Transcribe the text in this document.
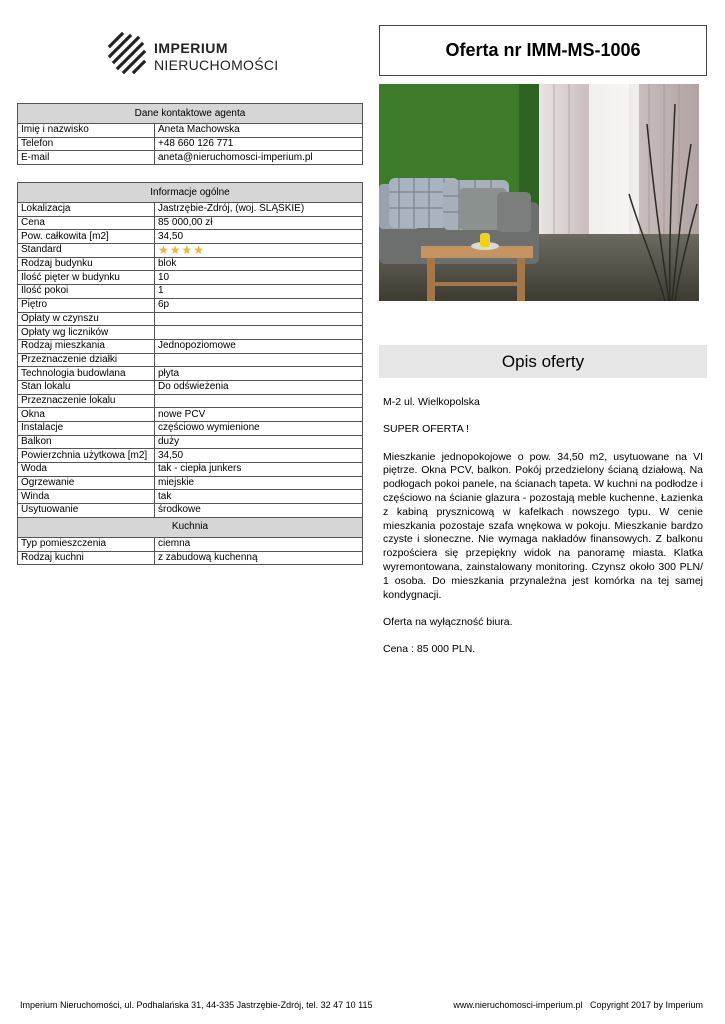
IMPERIUM
NIERUCHOMOŚCI
Oferta nr IMM-MS-1006
Dane kontaktowe agenta	
Imię i nazwisko	Aneta Machowska
Telefon	+48 660 126 771
E-mail	aneta@nieruchomosci-imperium.pl
Informacje ogólne	
Lokalizacja	Jastrzębie-Zdrój, (woj. ŚLĄSKIE)
Cena	85 000,00 zł
Pow. całkowita [m2]	34,50
Standard	★ ★ ★ ★

Rodzaj budynku	blok
Ilość pięter w budynku	10
Ilość pokoi	1
Piętro	6p
Opłaty w czynszu	
Opłaty wg liczników	
Rodzaj mieszkania	Jednopoziomowe
Przeznaczenie działki	
Technologia budowlana	płyta
Stan lokalu	Do odświeżenia
Przeznaczenie lokalu	
Okna	nowe PCV
Instalacje	częściowo wymienione
Balkon	duży
Powierzchnia użytkowa [m2]	34,50
Woda	tak - ciepła junkers
Ogrzewanie	miejskie
Winda	tak
Usytuowanie	środkowe
Kuchnia	
Typ pomieszczenia	ciemna
Rodzaj kuchni	z zabudową kuchenną
Opis oferty

M-2 ul. Wielkopolska

SUPER OFERTA !

Mieszkanie jednopokojowe o pow. 34,50 m2, usytuowane na VI piętrze. Okna PCV, balkon. Pokój przedzielony ścianą działową. Na podłogach pokoi panele, na ścianach tapeta. W kuchni na podłodze i częściowo na ścianie glazura - pozostają meble kuchenne. Łazienka z kabiną prysznicową w kafelkach nowszego typu. W cenie mieszkania pozostaje szafa wnękowa w pokoju. Mieszkanie bardzo czyste i słoneczne. Nie wymaga nakładów finansowych. Z balkonu rozpościera się przepiękny widok na panoramę miasta. Klatka wyremontowana, zainstalowany monitoring. Czynsz około 300 PLN/ 1 osoba. Do mieszkania przynależna jest komórka na tej samej kondygnacji.

Oferta na wyłączność biura.

Cena : 85 000 PLN.

Imperium Nieruchomości, ul. Podhalańska 31, 44-335 Jastrzębie-Zdrój, tel. 32 47 10 115	www.nieruchomosci-imperium.pl   Copyright 2017 by Imperium
